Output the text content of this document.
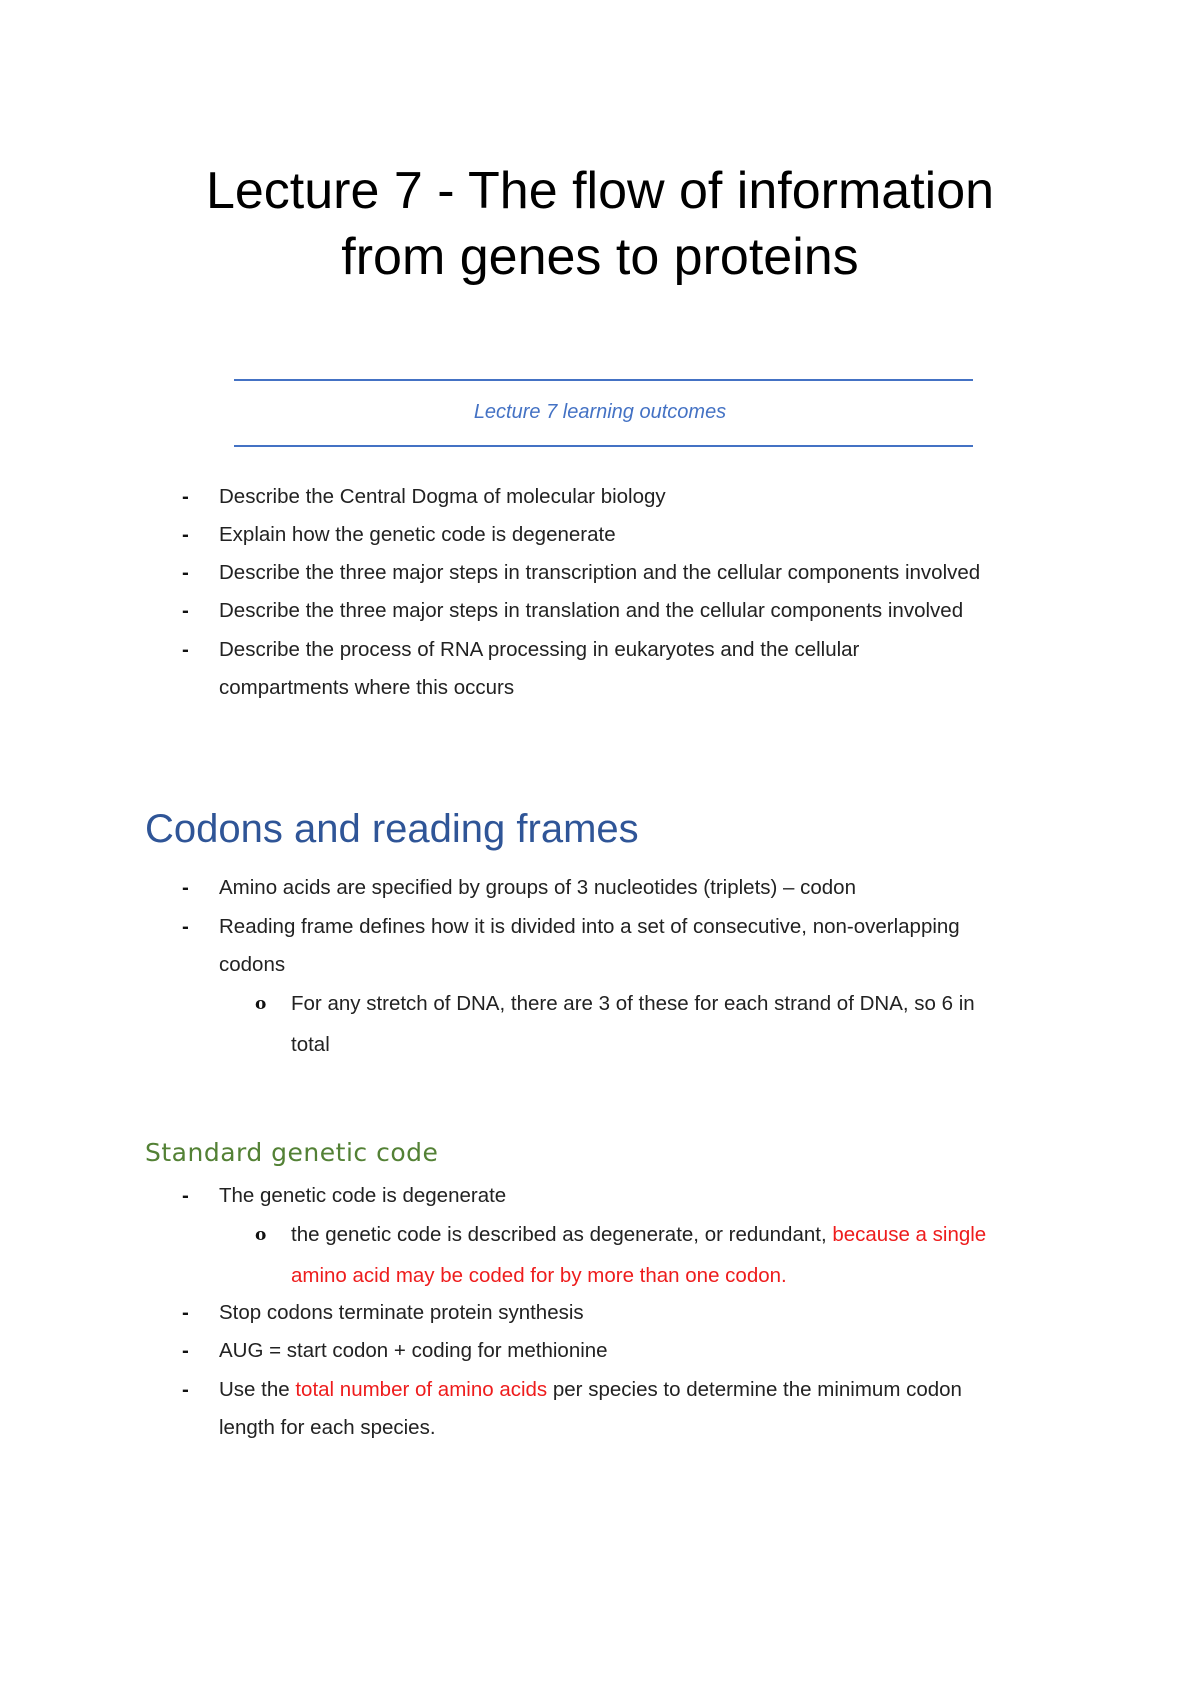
Lecture 7 - The flow of information
from genes to proteins
Lecture 7 learning outcomes
- Describe the Central Dogma of molecular biology
- Explain how the genetic code is degenerate
- Describe the three major steps in transcription and the cellular components involved
- Describe the three major steps in translation and the cellular components involved
- Describe the process of RNA processing in eukaryotes and the cellular
compartments where this occurs
Codons and reading frames
- Amino acids are specified by groups of 3 nucleotides (triplets) – codon
- Reading frame defines how it is divided into a set of consecutive, non-overlapping
codons
o For any stretch of DNA, there are 3 of these for each strand of DNA, so 6 in
total
Standard genetic code
- The genetic code is degenerate
o the genetic code is described as degenerate, or redundant, because a single
amino acid may be coded for by more than one codon.
- Stop codons terminate protein synthesis
- AUG = start codon + coding for methionine
- Use the total number of amino acids per species to determine the minimum codon
length for each species.
